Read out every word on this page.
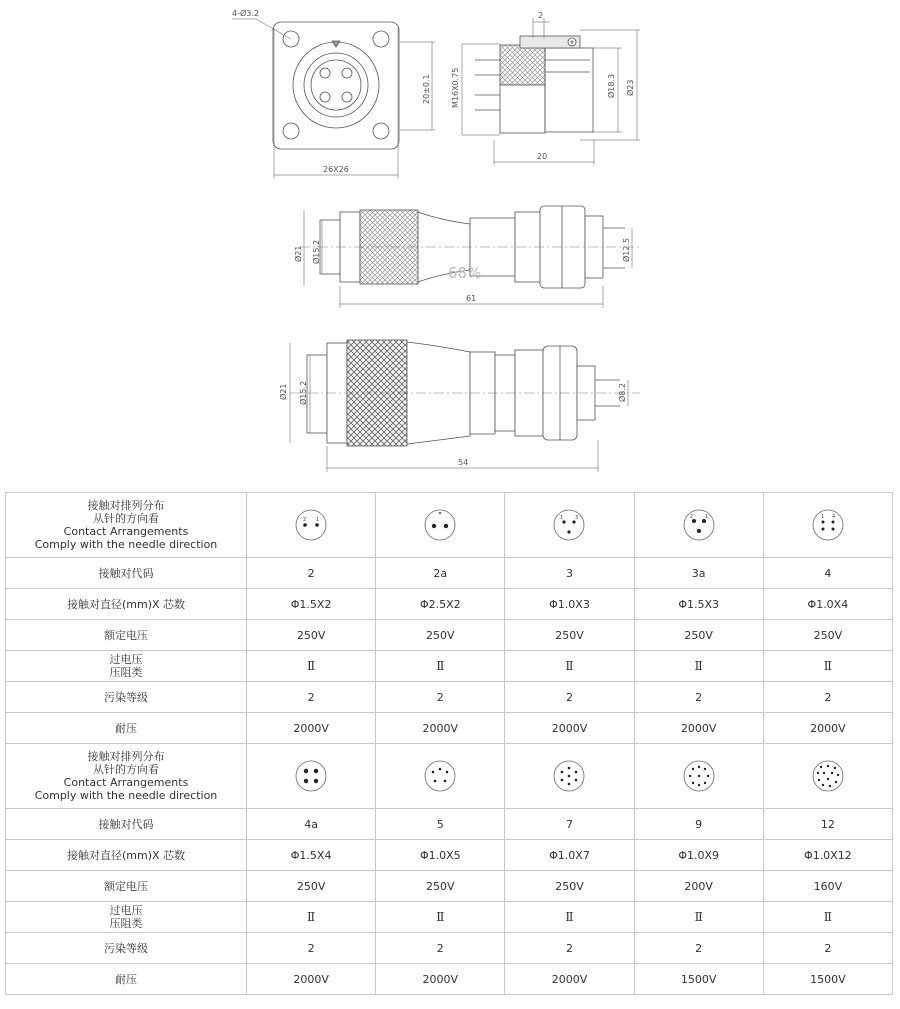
4-Ø3.2
26X26
20±0.1
2
M16X0.75	Ø18.3 Ø23
20
68%
Ø21 Ø15.2	Ø12.5
61
Ø21 Ø15.2	Ø8.2
54
接触对排列分布
从针的方向看
Contact Arrangements
Comply with the needle direction	2 1		1 3	2 1	1 4

接触对代码	2	2a	3	3a	4
接触对直径(mm)X 芯数	Φ1.5X2	Φ2.5X2	Φ1.0X3	Φ1.5X3	Φ1.0X4
额定电压	250V	250V	250V	250V	250V

过电压
压阻类	Ⅱ	Ⅱ	Ⅱ	Ⅱ	Ⅱ
污染等级	2	2	2	2	2
耐压	2000V	2000V	2000V	2000V	2000V

接触对排列分布
从针的方向看
Contact Arrangements
Comply with the needle direction

接触对代码	4a	5	7	9	12
接触对直径(mm)X 芯数	Φ1.5X4	Φ1.0X5	Φ1.0X7	Φ1.0X9	Φ1.0X12
额定电压	250V	250V	250V	200V	160V

过电压
压阻类	Ⅱ	Ⅱ	Ⅱ	Ⅱ	Ⅱ
污染等级	2	2	2	2	2
耐压	2000V	2000V	2000V	1500V	1500V
